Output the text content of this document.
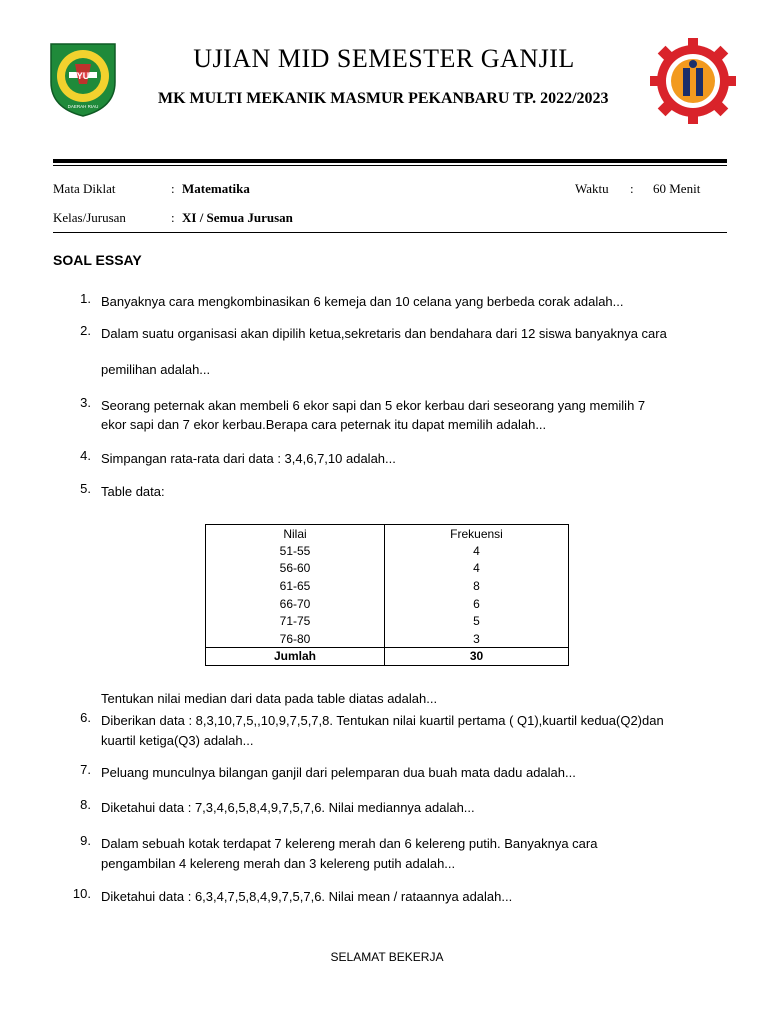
YU
DAERAH RIAU
UJIAN MID SEMESTER GANJIL
MK MULTI MEKANIK MASMUR PEKANBARU TP. 2022/2023
Mata Diklat	: Matematika	Waktu : 60 Menit
Kelas/Jurusan	: XI / Semua Jurusan
SOAL ESSAY
1. Banyaknya cara mengkombinasikan 6 kemeja dan 10 celana yang berbeda corak adalah...
2. Dalam suatu organisasi akan dipilih ketua,sekretaris dan bendahara dari 12 siswa banyaknya cara
pemilihan adalah...
3. Seorang peternak akan membeli 6 ekor sapi dan 5 ekor kerbau dari seseorang yang memilih 7
ekor sapi dan 7 ekor kerbau.Berapa cara peternak itu dapat memilih adalah...
4. Simpangan rata-rata dari data : 3,4,6,7,10 adalah...
5. Table data:
Nilai	Frekuensi
51-55	4
56-60	4
61-65	8
66-70	6
71-75	5
76-80	3
Jumlah	30
Tentukan nilai median dari data pada table diatas adalah...
6. Diberikan data : 8,3,10,7,5,,10,9,7,5,7,8. Tentukan nilai kuartil pertama ( Q1),kuartil kedua(Q2)dan
kuartil ketiga(Q3) adalah...
7. Peluang munculnya bilangan ganjil dari pelemparan dua buah mata dadu adalah...
8. Diketahui data : 7,3,4,6,5,8,4,9,7,5,7,6. Nilai mediannya adalah...
9. Dalam sebuah kotak terdapat 7 kelereng merah dan 6 kelereng putih. Banyaknya cara
pengambilan 4 kelereng merah dan 3 kelereng putih adalah...
10. Diketahui data : 6,3,4,7,5,8,4,9,7,5,7,6. Nilai mean / rataannya adalah...
SELAMAT BEKERJA
